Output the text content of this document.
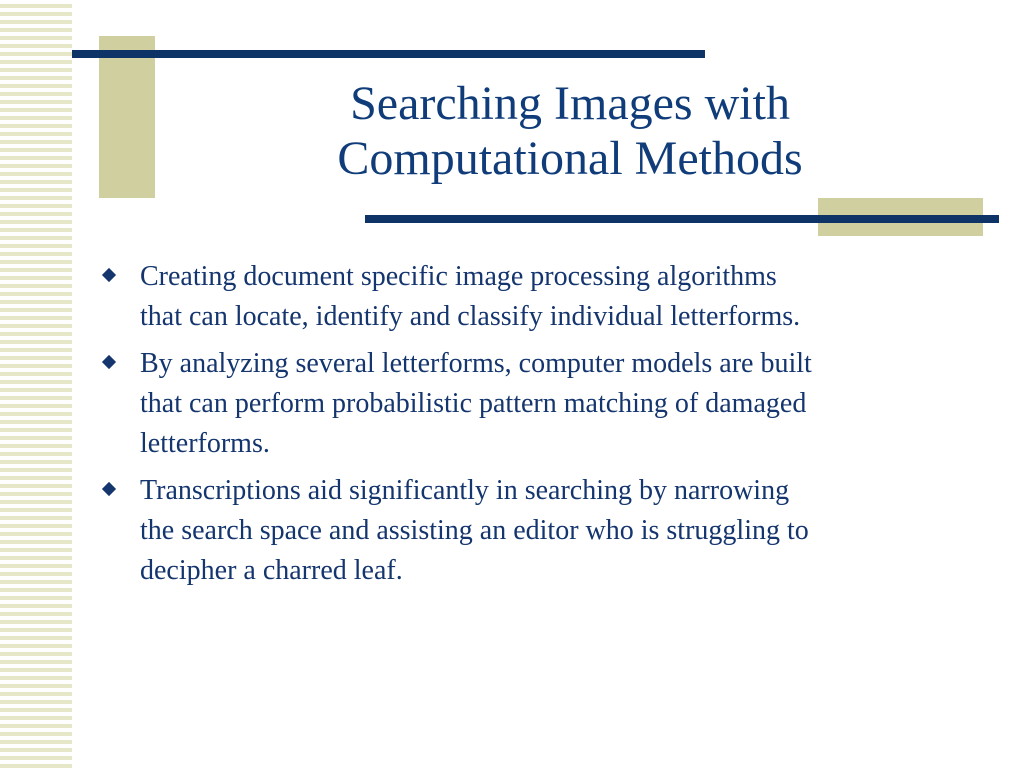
Searching Images with
Computational Methods
Creating document specific image processing algorithms
that can locate, identify and classify individual letterforms.
By analyzing several letterforms, computer models are built
that can perform probabilistic pattern matching of damaged
letterforms.
Transcriptions aid significantly in searching by narrowing
the search space and assisting an editor who is struggling to
decipher a charred leaf.
